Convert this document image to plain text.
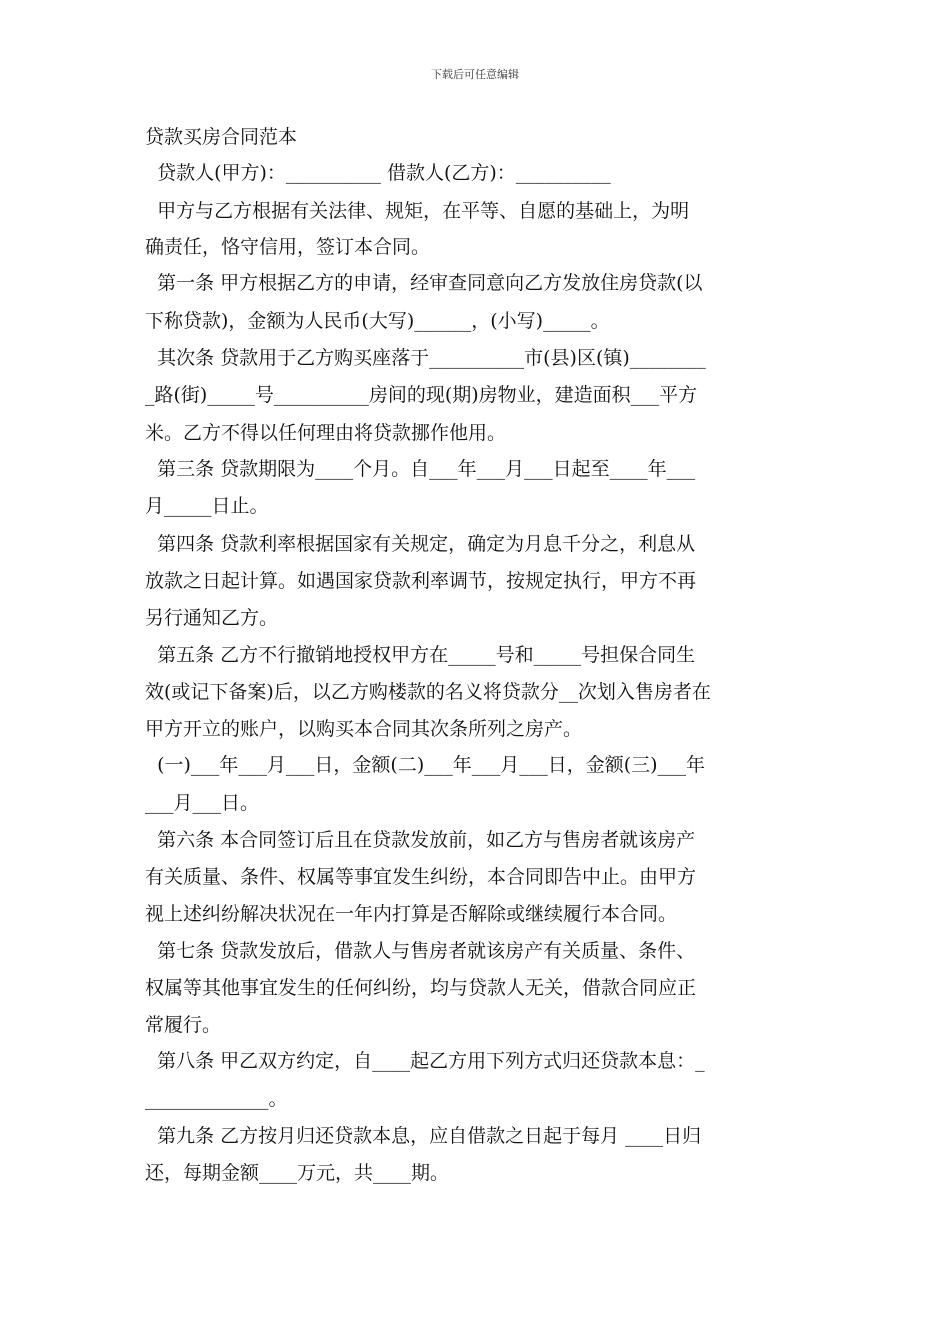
下载后可任意编辑
贷款买房合同范本
贷款人(甲方)：__________ 借款人(乙方)：__________
甲方与乙方根据有关法律、规矩，在平等、自愿的基础上，为明
确责任，恪守信用，签订本合同。
第一条 甲方根据乙方的申请，经审查同意向乙方发放住房贷款(以
下称贷款)，金额为人民币(大写)______，(小写)_____。
其次条 贷款用于乙方购买座落于__________市(县)区(镇)________
_路(街)_____号__________房间的现(期)房物业，建造面积___平方
米。乙方不得以任何理由将贷款挪作他用。
第三条 贷款期限为____个月。自___年___月___日起至____年___
月_____日止。
第四条 贷款利率根据国家有关规定，确定为月息千分之，利息从
放款之日起计算。如遇国家贷款利率调节，按规定执行，甲方不再
另行通知乙方。
第五条 乙方不行撤销地授权甲方在_____号和_____号担保合同生
效(或记下备案)后，以乙方购楼款的名义将贷款分__次划入售房者在
甲方开立的账户，以购买本合同其次条所列之房产。
(一)___年___月___日，金额(二)___年___月___日，金额(三)___年
___月___日。
第六条 本合同签订后且在贷款发放前，如乙方与售房者就该房产
有关质量、条件、权属等事宜发生纠纷，本合同即告中止。由甲方
视上述纠纷解决状况在一年内打算是否解除或继续履行本合同。
第七条 贷款发放后，借款人与售房者就该房产有关质量、条件、
权属等其他事宜发生的任何纠纷，均与贷款人无关，借款合同应正
常履行。
第八条 甲乙双方约定，自____起乙方用下列方式归还贷款本息：_
_____________。
第九条 乙方按月归还贷款本息，应自借款之日起于每月 ____日归
还，每期金额____万元，共____期。
